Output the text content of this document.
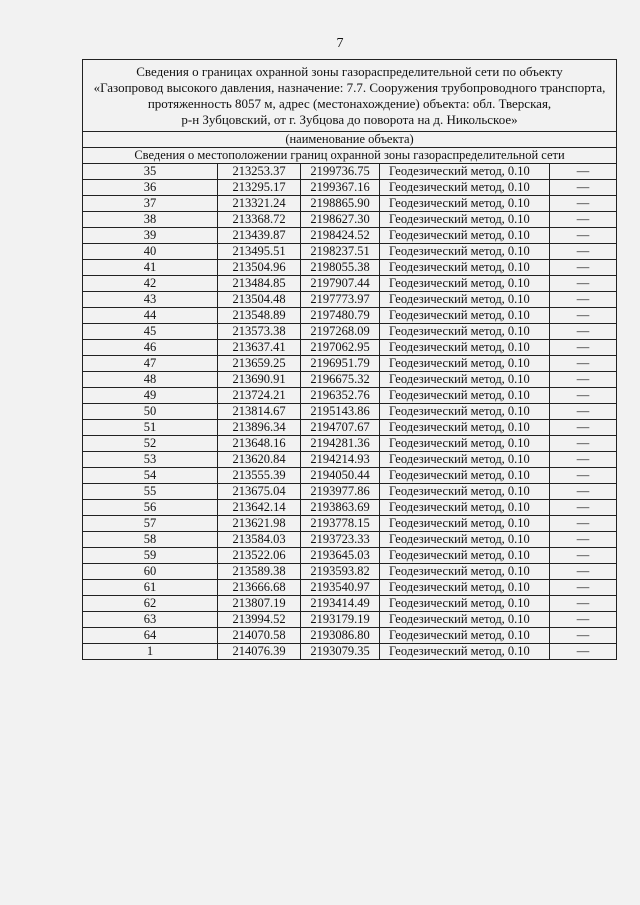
7
Сведения о границах охранной зоны газораспределительной сети по объекту
«Газопровод высокого давления, назначение: 7.7. Сооружения трубопроводного транспорта,
протяженность 8057 м, адрес (местонахождение) объекта: обл. Тверская,
р-н Зубцовский, от г. Зубцова до поворота на д. Никольское»				

(наименование объекта)				
Сведения о местоположении границ охранной зоны газораспределительной сети				
35	213253.37	2199736.75	Геодезический метод, 0.10	—
36	213295.17	2199367.16	Геодезический метод, 0.10	—
37	213321.24	2198865.90	Геодезический метод, 0.10	—
38	213368.72	2198627.30	Геодезический метод, 0.10	—
39	213439.87	2198424.52	Геодезический метод, 0.10	—
40	213495.51	2198237.51	Геодезический метод, 0.10	—
41	213504.96	2198055.38	Геодезический метод, 0.10	—
42	213484.85	2197907.44	Геодезический метод, 0.10	—
43	213504.48	2197773.97	Геодезический метод, 0.10	—
44	213548.89	2197480.79	Геодезический метод, 0.10	—
45	213573.38	2197268.09	Геодезический метод, 0.10	—
46	213637.41	2197062.95	Геодезический метод, 0.10	—
47	213659.25	2196951.79	Геодезический метод, 0.10	—
48	213690.91	2196675.32	Геодезический метод, 0.10	—
49	213724.21	2196352.76	Геодезический метод, 0.10	—
50	213814.67	2195143.86	Геодезический метод, 0.10	—
51	213896.34	2194707.67	Геодезический метод, 0.10	—
52	213648.16	2194281.36	Геодезический метод, 0.10	—
53	213620.84	2194214.93	Геодезический метод, 0.10	—
54	213555.39	2194050.44	Геодезический метод, 0.10	—
55	213675.04	2193977.86	Геодезический метод, 0.10	—
56	213642.14	2193863.69	Геодезический метод, 0.10	—
57	213621.98	2193778.15	Геодезический метод, 0.10	—
58	213584.03	2193723.33	Геодезический метод, 0.10	—
59	213522.06	2193645.03	Геодезический метод, 0.10	—
60	213589.38	2193593.82	Геодезический метод, 0.10	—
61	213666.68	2193540.97	Геодезический метод, 0.10	—
62	213807.19	2193414.49	Геодезический метод, 0.10	—
63	213994.52	2193179.19	Геодезический метод, 0.10	—
64	214070.58	2193086.80	Геодезический метод, 0.10	—
1	214076.39	2193079.35	Геодезический метод, 0.10	—
